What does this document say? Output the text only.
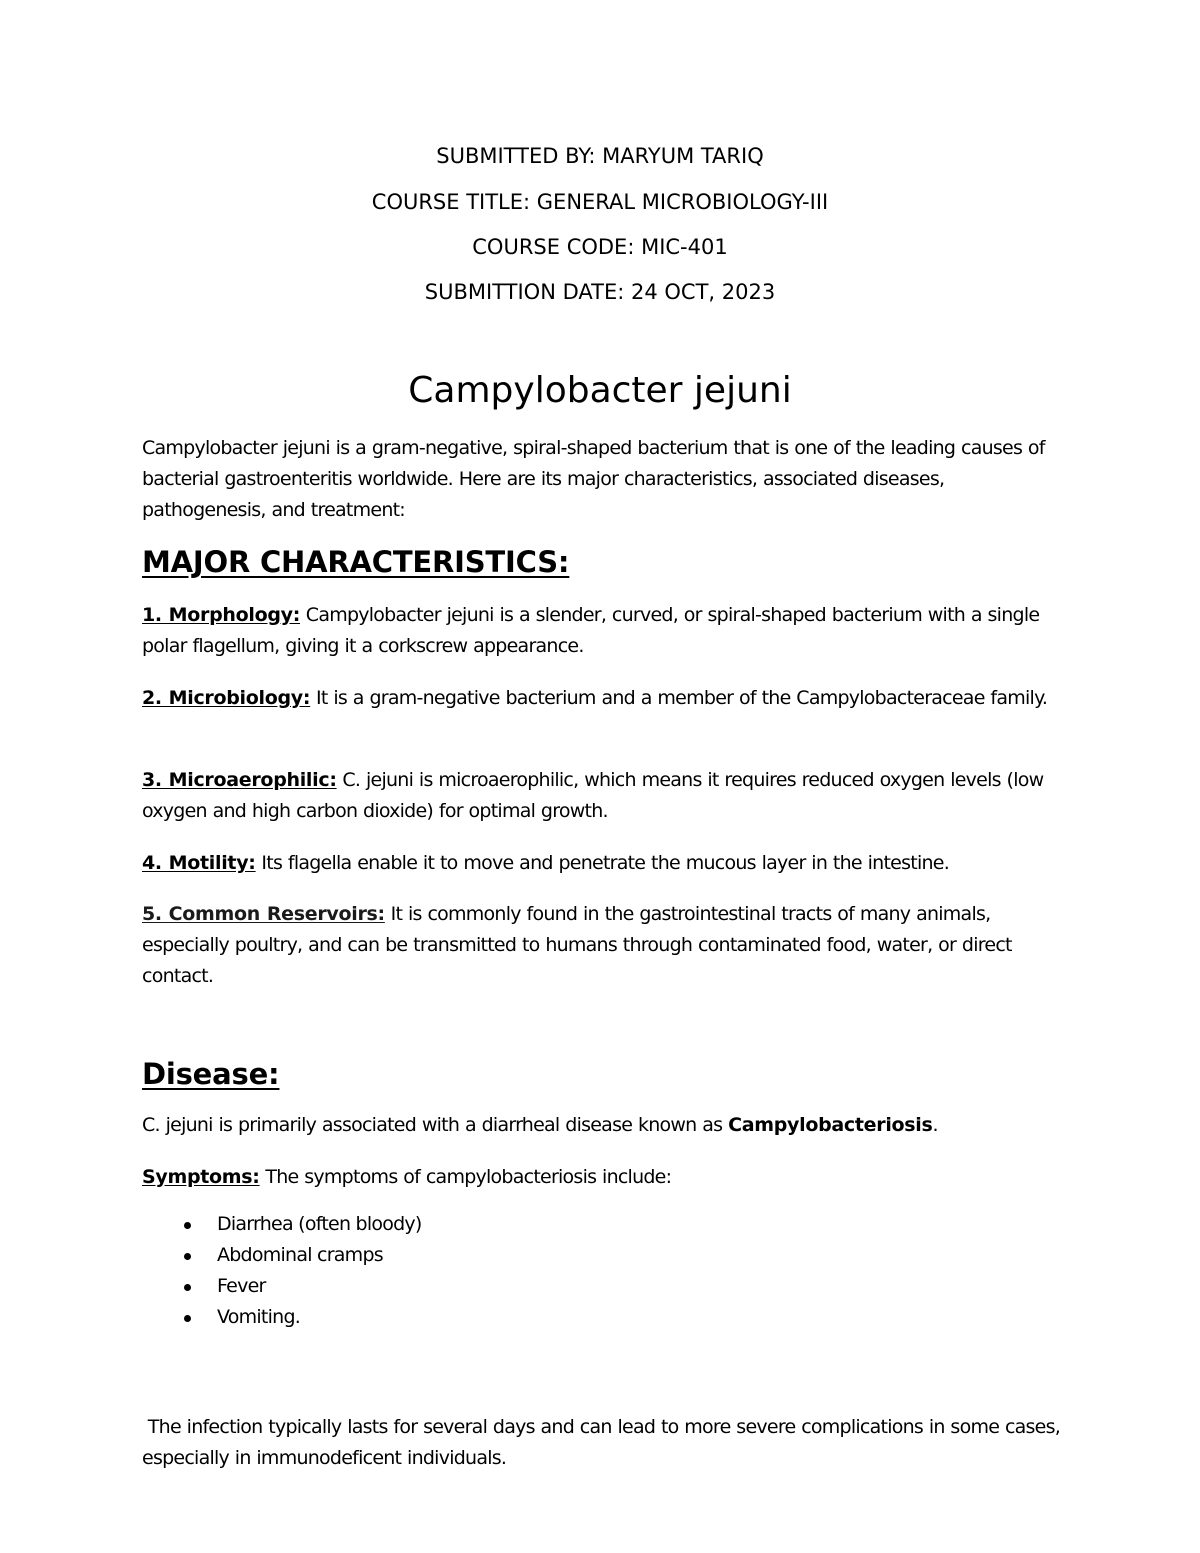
SUBMITTED BY: MARYUM TARIQ
COURSE TITLE: GENERAL MICROBIOLOGY-III
COURSE CODE: MIC-401
SUBMITTION DATE: 24 OCT, 2023
Campylobacter jejuni

Campylobacter jejuni is a gram-negative, spiral-shaped bacterium that is one of the leading causes of bacterial gastroenteritis worldwide. Here are its major characteristics, associated diseases, pathogenesis, and treatment:

MAJOR CHARACTERISTICS:

1. Morphology: Campylobacter jejuni is a slender, curved, or spiral-shaped bacterium with a single polar flagellum, giving it a corkscrew appearance.

2. Microbiology: It is a gram-negative bacterium and a member of the Campylobacteraceae family.

3. Microaerophilic: C. jejuni is microaerophilic, which means it requires reduced oxygen levels (low oxygen and high carbon dioxide) for optimal growth.

4. Motility: Its flagella enable it to move and penetrate the mucous layer in the intestine.

5. Common Reservoirs: It is commonly found in the gastrointestinal tracts of many animals, especially poultry, and can be transmitted to humans through contaminated food, water, or direct contact.

Disease:

C. jejuni is primarily associated with a diarrheal disease known as Campylobacteriosis.

Symptoms: The symptoms of campylobacteriosis include:

Diarrhea (often bloody)
Abdominal cramps
Fever
Vomiting.

The infection typically lasts for several days and can lead to more severe complications in some cases, especially in immunodeficent individuals.
